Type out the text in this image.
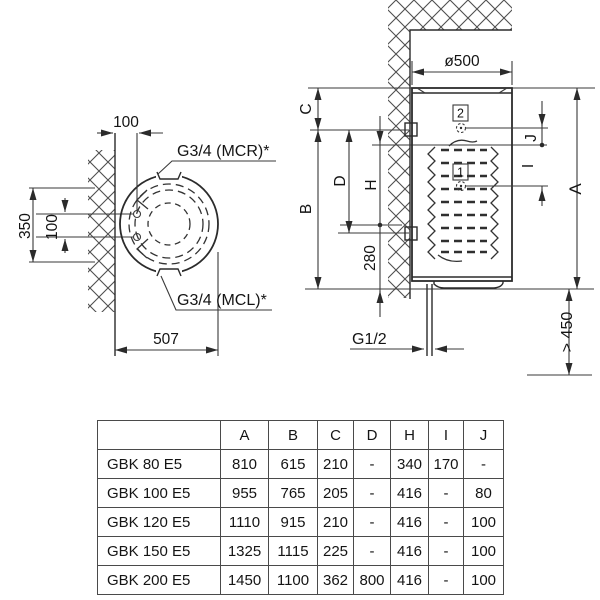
350 100
100
507
G3/4 (MCR)*
G3/4 (MCL)*
2
1
G1/2
ø500
C
B
D H
280
J
I
A
> 450
	A	B	C	D	H	I	J
GBK 80 E5	810	615	210	-	340	170	-
GBK 100 E5	955	765	205	-	416	-	80
GBK 120 E5	1110	915	210	-	416	-	100
GBK 150 E5	1325	1115	225	-	416	-	100
GBK 200 E5	1450	1100	362	800	416	-	100
